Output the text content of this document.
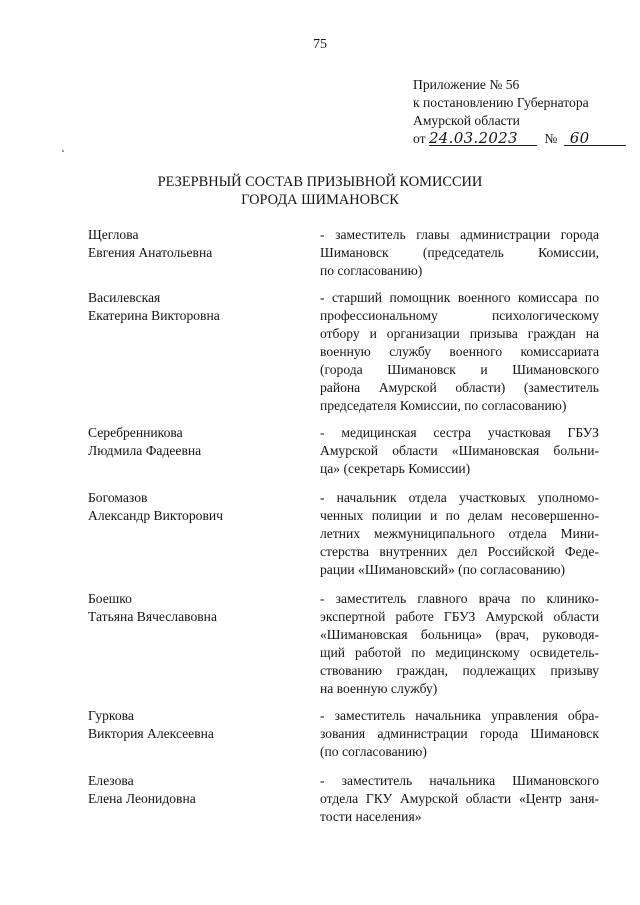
75
Приложение № 56
к постановлению Губернатора
Амурской области
от 24.03.2023 № 60
РЕЗЕРВНЫЙ СОСТАВ ПРИЗЫВНОЙ КОМИССИИ
ГОРОДА ШИМАНОВСК
Щеглова
Евгения Анатольевна
- заместитель главы администрации города
Шимановск (председатель Комиссии,
по согласованию)
Василевская
Екатерина Викторовна
- старший помощник военного комиссара по
профессиональному психологическому
отбору и организации призыва граждан на
военную службу военного комиссариата
(города Шимановск и Шимановского
района Амурской области) (заместитель
председателя Комиссии, по согласованию)
Серебренникова
Людмила Фадеевна
- медицинская сестра участковая ГБУЗ
Амурской области «Шимановская больни-
ца» (секретарь Комиссии)
Богомазов
Александр Викторович
- начальник отдела участковых уполномо-
ченных полиции и по делам несовершенно-
летних межмуниципального отдела Мини-
стерства внутренних дел Российской Феде-
рации «Шимановский» (по согласованию)
Боешко
Татьяна Вячеславовна
- заместитель главного врача по клинико-
экспертной работе ГБУЗ Амурской области
«Шимановская больница» (врач, руководя-
щий работой по медицинскому освидетель-
ствованию граждан, подлежащих призыву
на военную службу)
Гуркова
Виктория Алексеевна
- заместитель начальника управления обра-
зования администрации города Шимановск
(по согласованию)
Елезова
Елена Леонидовна
- заместитель начальника Шимановского
отдела ГКУ Амурской области «Центр заня-
тости населения»
